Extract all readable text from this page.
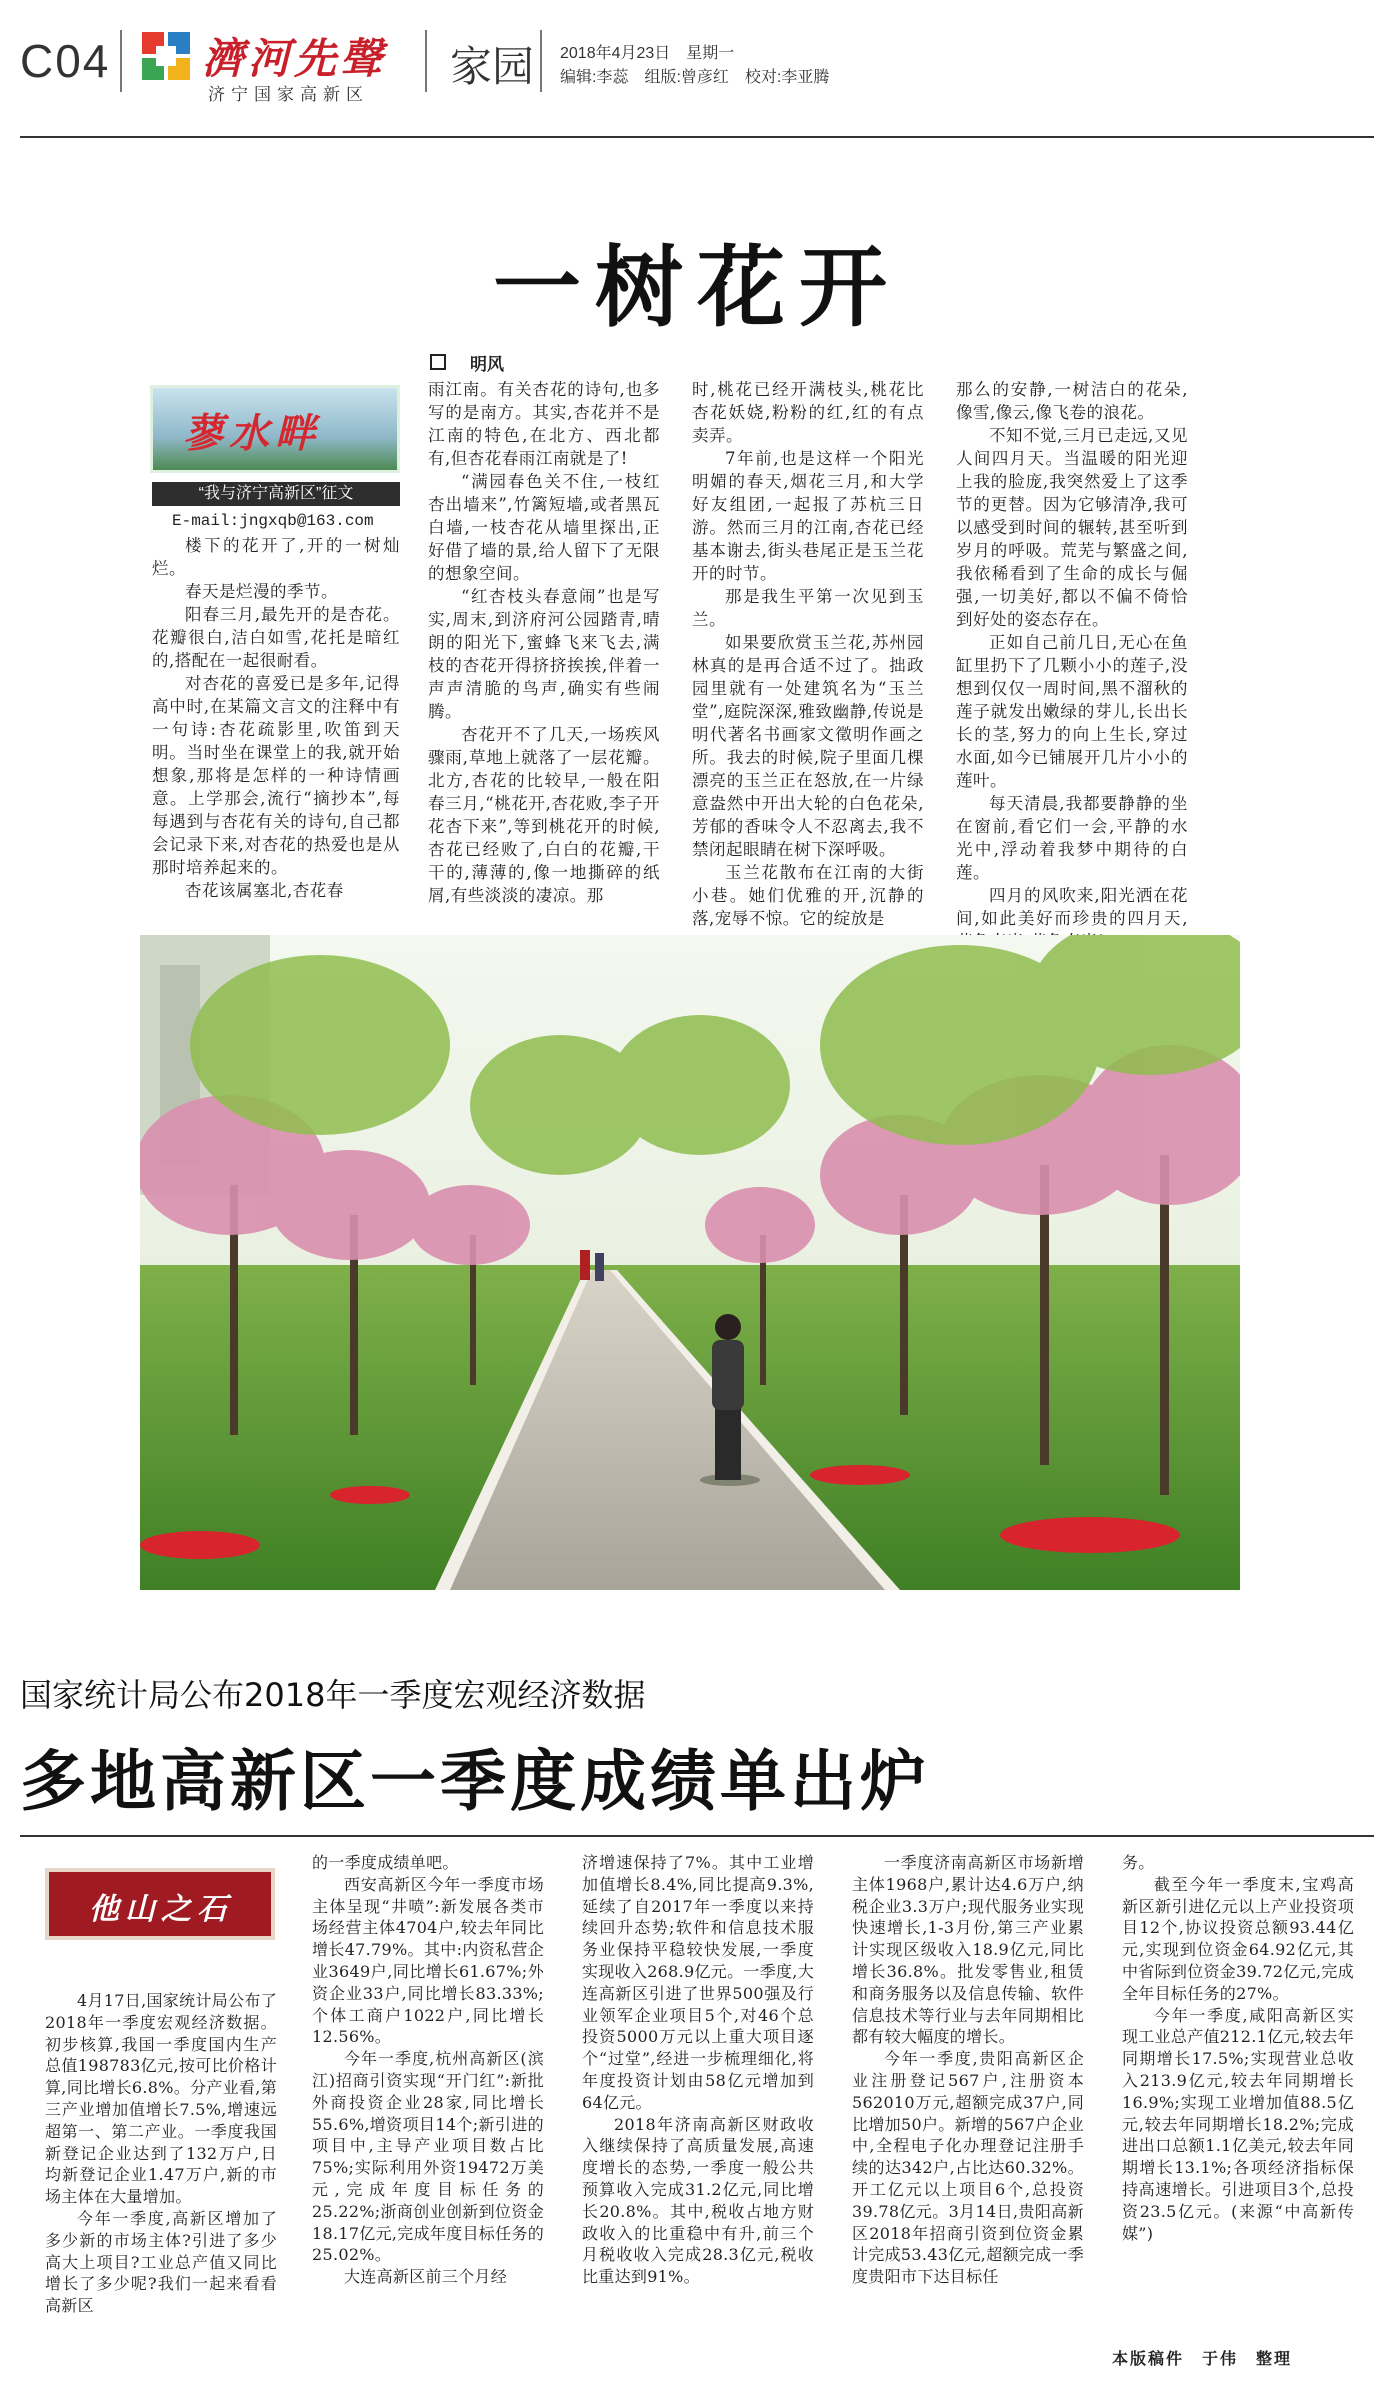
C04 濟河先聲
济宁国家高新区
家园 2018年4月23日　星期一
编辑:李蕊　组版:曾彦红　校对:李亚腾
一树花开
蓼水畔
“我与济宁高新区”征文
E-mail:jngxqb@163.com
明风

楼下的花开了,开的一树灿烂。

春天是烂漫的季节。

阳春三月,最先开的是杏花。花瓣很白,洁白如雪,花托是暗红的,搭配在一起很耐看。

对杏花的喜爱已是多年,记得高中时,在某篇文言文的注释中有一句诗:杏花疏影里,吹笛到天明。当时坐在课堂上的我,就开始想象,那将是怎样的一种诗情画意。上学那会,流行“摘抄本”,每每遇到与杏花有关的诗句,自己都会记录下来,对杏花的热爱也是从那时培养起来的。

杏花该属塞北,杏花春

雨江南。有关杏花的诗句,也多写的是南方。其实,杏花并不是江南的特色,在北方、西北都有,但杏花春雨江南就是了!

“满园春色关不住,一枝红杏出墙来”,竹篱短墙,或者黑瓦白墙,一枝杏花从墙里探出,正好借了墙的景,给人留下了无限的想象空间。

“红杏枝头春意闹”也是写实,周末,到济府河公园踏青,晴朗的阳光下,蜜蜂飞来飞去,满枝的杏花开得挤挤挨挨,伴着一声声清脆的鸟声,确实有些闹腾。

杏花开不了几天,一场疾风骤雨,草地上就落了一层花瓣。北方,杏花的比较早,一般在阳春三月,“桃花开,杏花败,李子开花杏下来”,等到桃花开的时候,杏花已经败了,白白的花瓣,干干的,薄薄的,像一地撕碎的纸屑,有些淡淡的凄凉。那

时,桃花已经开满枝头,桃花比杏花妖娆,粉粉的红,红的有点卖弄。

7年前,也是这样一个阳光明媚的春天,烟花三月,和大学好友组团,一起报了苏杭三日游。然而三月的江南,杏花已经基本谢去,街头巷尾正是玉兰花开的时节。

那是我生平第一次见到玉兰。

如果要欣赏玉兰花,苏州园林真的是再合适不过了。拙政园里就有一处建筑名为“玉兰堂”,庭院深深,雅致幽静,传说是明代著名书画家文徵明作画之所。我去的时候,院子里面几棵漂亮的玉兰正在怒放,在一片绿意盎然中开出大轮的白色花朵,芳郁的香味令人不忍离去,我不禁闭起眼睛在树下深呼吸。

玉兰花散布在江南的大街小巷。她们优雅的开,沉静的落,宠辱不惊。它的绽放是

那么的安静,一树洁白的花朵,像雪,像云,像飞卷的浪花。

不知不觉,三月已走远,又见人间四月天。当温暖的阳光迎上我的脸庞,我突然爱上了这季节的更替。因为它够清净,我可以感受到时间的辗转,甚至听到岁月的呼吸。荒芜与繁盛之间,我依稀看到了生命的成长与倔强,一切美好,都以不偏不倚恰到好处的姿态存在。

正如自己前几日,无心在鱼缸里扔下了几颗小小的莲子,没想到仅仅一周时间,黑不溜秋的莲子就发出嫩绿的芽儿,长出长长的茎,努力的向上生长,穿过水面,如今已铺展开几片小小的莲叶。

每天清晨,我都要静静的坐在窗前,看它们一会,平静的水光中,浮动着我梦中期待的白莲。

四月的风吹来,阳光洒在花间,如此美好而珍贵的四月天,

国家统计局公布2018年一季度宏观经济数据
多地高新区一季度成绩单出炉
他山之石

4月17日,国家统计局公布了2018年一季度宏观经济数据。初步核算,我国一季度国内生产总值198783亿元,按可比价格计算,同比增长6.8%。分产业看,第三产业增加值增长7.5%,增速远超第一、第二产业。一季度我国新登记企业达到了132万户,日均新登记企业1.47万户,新的市场主体在大量增加。

今年一季度,高新区增加了多少新的市场主体?引进了多少高大上项目?工业总产值又同比增长了多少呢?我们一起来看看高新区

的一季度成绩单吧。

西安高新区今年一季度市场主体呈现“井喷”:新发展各类市场经营主体4704户,较去年同比增长47.79%。其中:内资私营企业3649户,同比增长61.67%;外资企业33户,同比增长83.33%;个体工商户1022户,同比增长12.56%。

今年一季度,杭州高新区(滨江)招商引资实现“开门红”:新批外商投资企业28家,同比增长55.6%,增资项目14个;新引进的项目中,主导产业项目数占比75%;实际利用外资19472万美元,完成年度目标任务的25.22%;浙商创业创新到位资金18.17亿元,完成年度目标任务的25.02%。

大连高新区前三个月经

济增速保持了7%。其中工业增加值增长8.4%,同比提高9.3%,延续了自2017年一季度以来持续回升态势;软件和信息技术服务业保持平稳较快发展,一季度实现收入268.9亿元。一季度,大连高新区引进了世界500强及行业领军企业项目5个,对46个总投资5000万元以上重大项目逐个“过堂”,经进一步梳理细化,将年度投资计划由58亿元增加到64亿元。

2018年济南高新区财政收入继续保持了高质量发展,高速度增长的态势,一季度一般公共预算收入完成31.2亿元,同比增长20.8%。其中,税收占地方财政收入的比重稳中有升,前三个月税收收入完成28.3亿元,税收比重达到91%。

一季度济南高新区市场新增主体1968户,累计达4.6万户,纳税企业3.3万户;现代服务业实现快速增长,1-3月份,第三产业累计实现区级收入18.9亿元,同比增长36.8%。批发零售业,租赁和商务服务以及信息传输、软件信息技术等行业与去年同期相比都有较大幅度的增长。

今年一季度,贵阳高新区企业注册登记567户,注册资本562010万元,超额完成37户,同比增加50户。新增的567户企业中,全程电子化办理登记注册手续的达342户,占比达60.32%。开工亿元以上项目6个,总投资39.78亿元。3月14日,贵阳高新区2018年招商引资到位资金累计完成53.43亿元,超额完成一季度贵阳市下达目标任

务。

截至今年一季度末,宝鸡高新区新引进亿元以上产业投资项目12个,协议投资总额93.44亿元,实现到位资金64.92亿元,其中省际到位资金39.72亿元,完成全年目标任务的27%。

今年一季度,咸阳高新区实现工业总产值212.1亿元,较去年同期增长17.5%;实现营业总收入213.9亿元,较去年同期增长16.9%;实现工业增加值88.5亿元,较去年同期增长18.2%;完成进出口总额1.1亿美元,较去年同期增长13.1%;各项经济指标保持高速增长。引进项目3个,总投资23.5亿元。(来源“中高新传媒”)

本版稿件　于伟　整理
